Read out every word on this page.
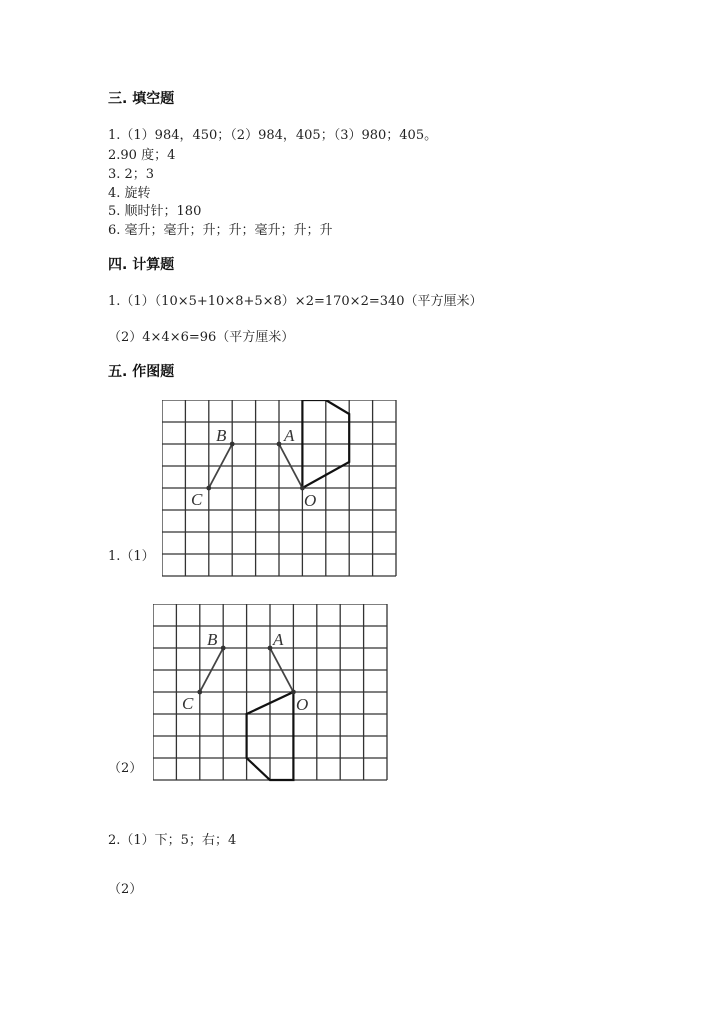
三. 填空题
1.（1）984，450；（2）984，405；（3）980；405。
2.90 度；4
3. 2；3
4. 旋转
5. 顺时针；180
6. 毫升；毫升；升；升；毫升；升；升
四. 计算题
1.（1）（10×5+10×8+5×8）×2=170×2=340（平方厘米）
（2）4×4×6=96（平方厘米）
五. 作图题
B	A
C	O
1.（1）
B	A
C	O
（2）
2.（1）下；5；右；4
（2）
